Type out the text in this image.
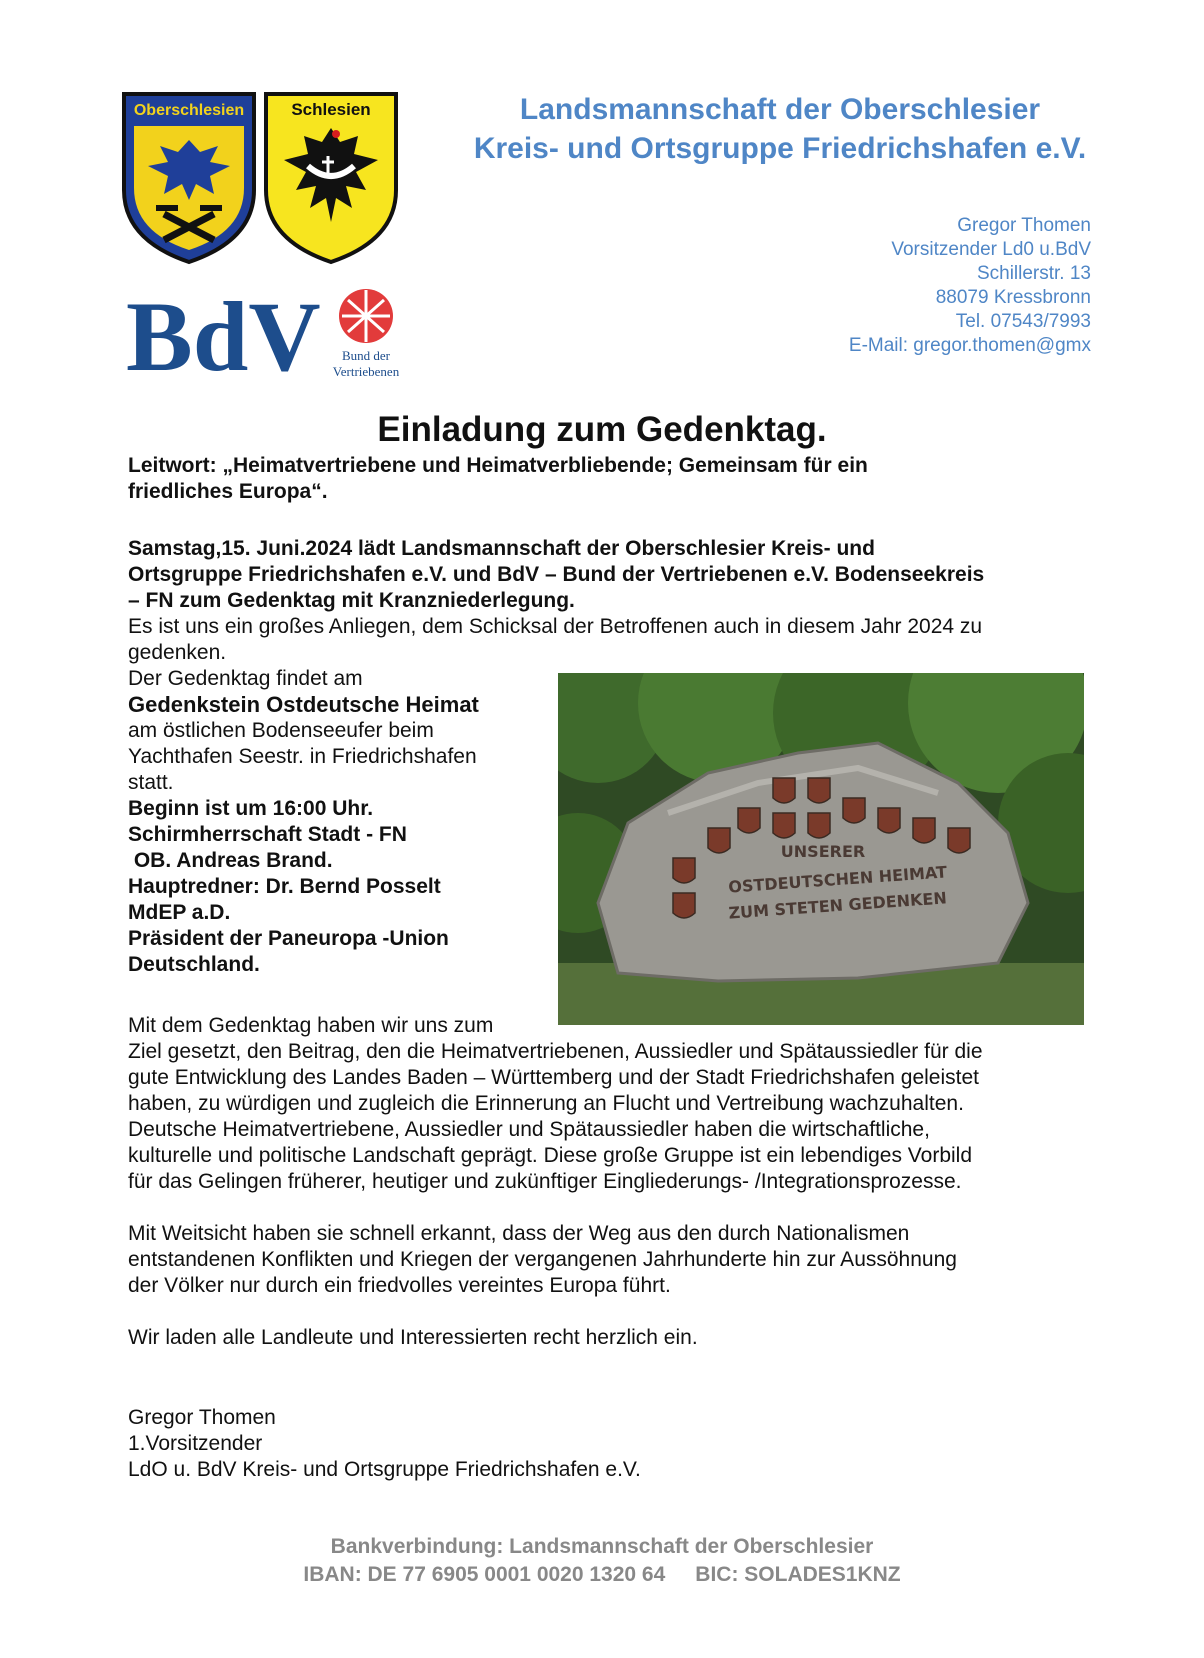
Oberschlesien	Schlesien
BdV Bund der
Vertriebenen
Landsmannschaft der Oberschlesier
Kreis- und Ortsgruppe Friedrichshafen e.V.
Gregor Thomen
Vorsitzender Ld0 u.BdV
Schillerstr. 13
88079 Kressbronn
Tel. 07543/7993
E-Mail: gregor.thomen@gmx
Einladung zum Gedenktag.
Leitwort: „Heimatvertriebene und Heimatverbliebende; Gemeinsam für ein
friedliches Europa“.
Samstag,15. Juni.2024 lädt Landsmannschaft der Oberschlesier Kreis- und
Ortsgruppe Friedrichshafen e.V. und BdV – Bund der Vertriebenen e.V. Bodenseekreis
– FN zum Gedenktag mit Kranzniederlegung.
Es ist uns ein großes Anliegen, dem Schicksal der Betroffenen auch in diesem Jahr 2024 zu
gedenken.
Der Gedenktag findet am
Gedenkstein Ostdeutsche Heimat
am östlichen Bodenseeufer beim
Yachthafen Seestr. in Friedrichshafen
statt.
Beginn ist um 16:00 Uhr.
Schirmherrschaft Stadt - FN
OB. Andreas Brand.
Hauptredner: Dr. Bernd Posselt
MdEP a.D.
Präsident der Paneuropa -Union
Deutschland.
UNSERER
OSTDEUTSCHEN HEIMAT
ZUM STETEN GEDENKEN
Mit dem Gedenktag haben wir uns zum
Ziel gesetzt, den Beitrag, den die Heimatvertriebenen, Aussiedler und Spätaussiedler für die
gute Entwicklung des Landes Baden – Württemberg und der Stadt Friedrichshafen geleistet
haben, zu würdigen und zugleich die Erinnerung an Flucht und Vertreibung wachzuhalten.
Deutsche Heimatvertriebene, Aussiedler und Spätaussiedler haben die wirtschaftliche,
kulturelle und politische Landschaft geprägt. Diese große Gruppe ist ein lebendiges Vorbild
für das Gelingen früherer, heutiger und zukünftiger Eingliederungs- /Integrationsprozesse.
Mit Weitsicht haben sie schnell erkannt, dass der Weg aus den durch Nationalismen
entstandenen Konflikten und Kriegen der vergangenen Jahrhunderte hin zur Aussöhnung
der Völker nur durch ein friedvolles vereintes Europa führt.
Wir laden alle Landleute und Interessierten recht herzlich ein.
Gregor Thomen
1.Vorsitzender
LdO u. BdV Kreis- und Ortsgruppe Friedrichshafen e.V.
Bankverbindung: Landsmannschaft der Oberschlesier
IBAN: DE 77 6905 0001 0020 1320 64 BIC: SOLADES1KNZ
